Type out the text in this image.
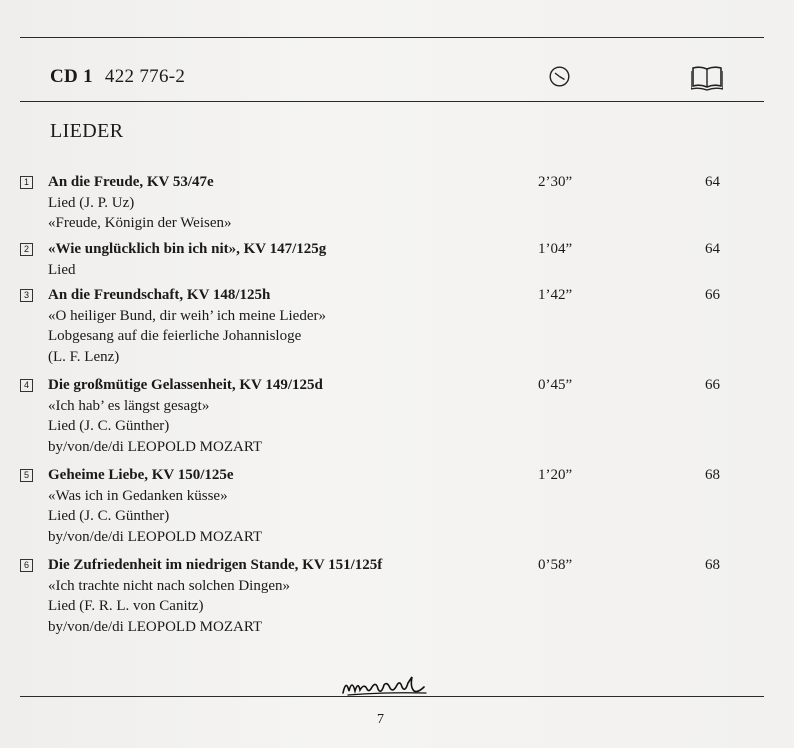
CD 1 422 776-2
LIEDER
1 An die Freude, KV 53/47e
Lied (J. P. Uz)
«Freude, Königin der Weisen»
2’30”	64
2 «Wie unglücklich bin ich nit», KV 147/125g
Lied
1’04”	64
3 An die Freundschaft, KV 148/125h
«O heiliger Bund, dir weih’ ich meine Lieder»
Lobgesang auf die feierliche Johannisloge
(L. F. Lenz)
1’42”	66
4 Die großmütige Gelassenheit, KV 149/125d
«Ich hab’ es längst gesagt»
Lied (J. C. Günther)
by/von/de/di LEOPOLD MOZART
0’45”	66
5 Geheime Liebe, KV 150/125e
«Was ich in Gedanken küsse»
Lied (J. C. Günther)
by/von/de/di LEOPOLD MOZART
1’20”	68
6 Die Zufriedenheit im niedrigen Stande, KV 151/125f
«Ich trachte nicht nach solchen Dingen»
Lied (F. R. L. von Canitz)
by/von/de/di LEOPOLD MOZART
0’58”	68
7
